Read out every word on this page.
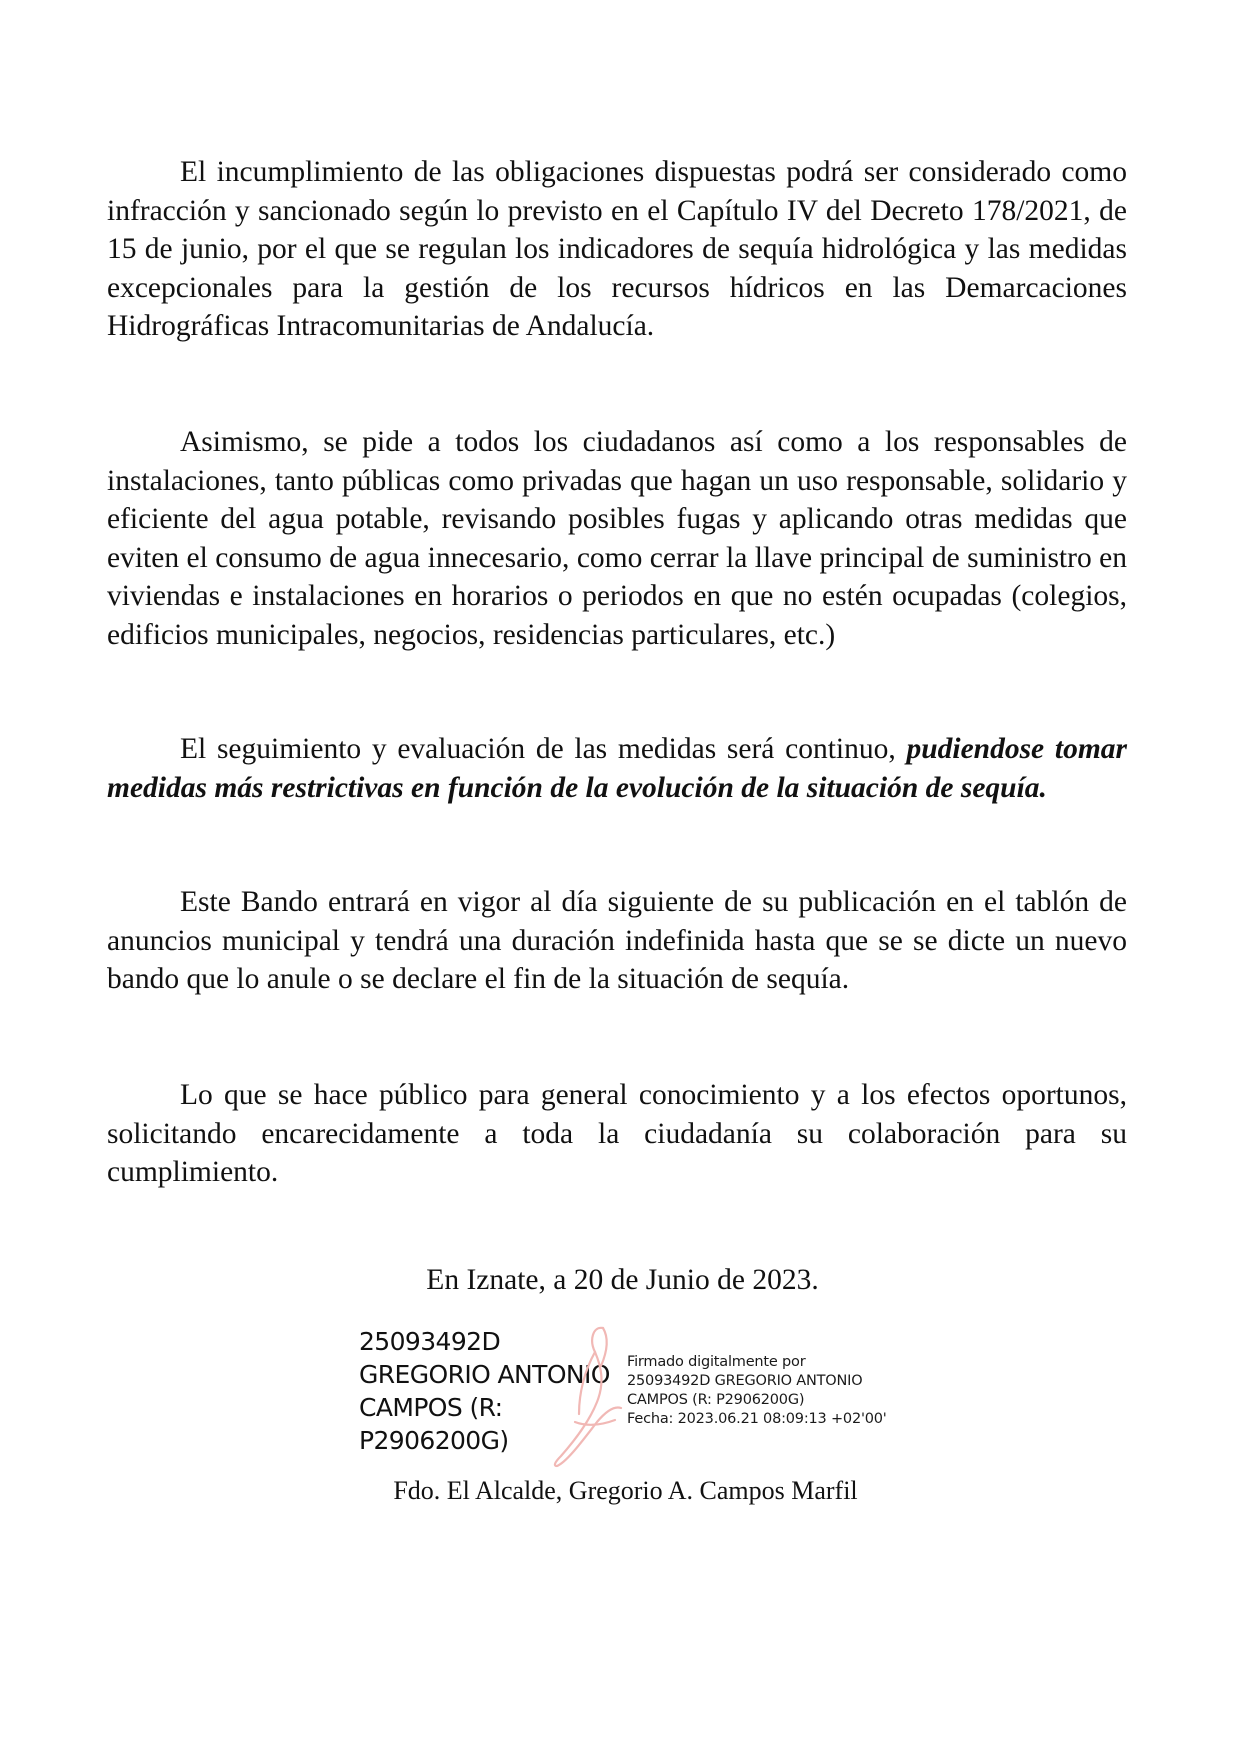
El incumplimiento de las obligaciones dispuestas podrá ser considerado como infracción y sancionado según lo previsto en el Capítulo IV del Decreto 178/2021, de 15 de junio, por el que se regulan los indicadores de sequía hidrológica y las medidas excepcionales para la gestión de los recursos hídricos en las Demarcaciones Hidrográficas Intracomunitarias de Andalucía.

Asimismo, se pide a todos los ciudadanos así como a los responsables de instalaciones, tanto públicas como privadas que hagan un uso responsable, solidario y eficiente del agua potable, revisando posibles fugas y aplicando otras medidas que eviten el consumo de agua innecesario, como cerrar la llave principal de suministro en viviendas e instalaciones en horarios o periodos en que no estén ocupadas (colegios, edificios municipales, negocios, residencias particulares, etc.)

El seguimiento y evaluación de las medidas será continuo, pudiendose tomar medidas más restrictivas en función de la evolución de la situación de sequía.

Este Bando entrará en vigor al día siguiente de su publicación en el tablón de anuncios municipal y tendrá una duración indefinida hasta que se se dicte un nuevo bando que lo anule o se declare el fin de la situación de sequía.

Lo que se hace público para general conocimiento y a los efectos oportunos, solicitando encarecidamente a toda la ciudadanía su colaboración para su cumplimiento.

En Iznate, a 20 de Junio de 2023.

25093492D
GREGORIO ANTONIO
CAMPOS (R:
P2906200G)
Firmado digitalmente por
25093492D GREGORIO ANTONIO
CAMPOS (R: P2906200G)
Fecha: 2023.06.21 08:09:13 +02'00'

Fdo. El Alcalde, Gregorio A. Campos Marfil
